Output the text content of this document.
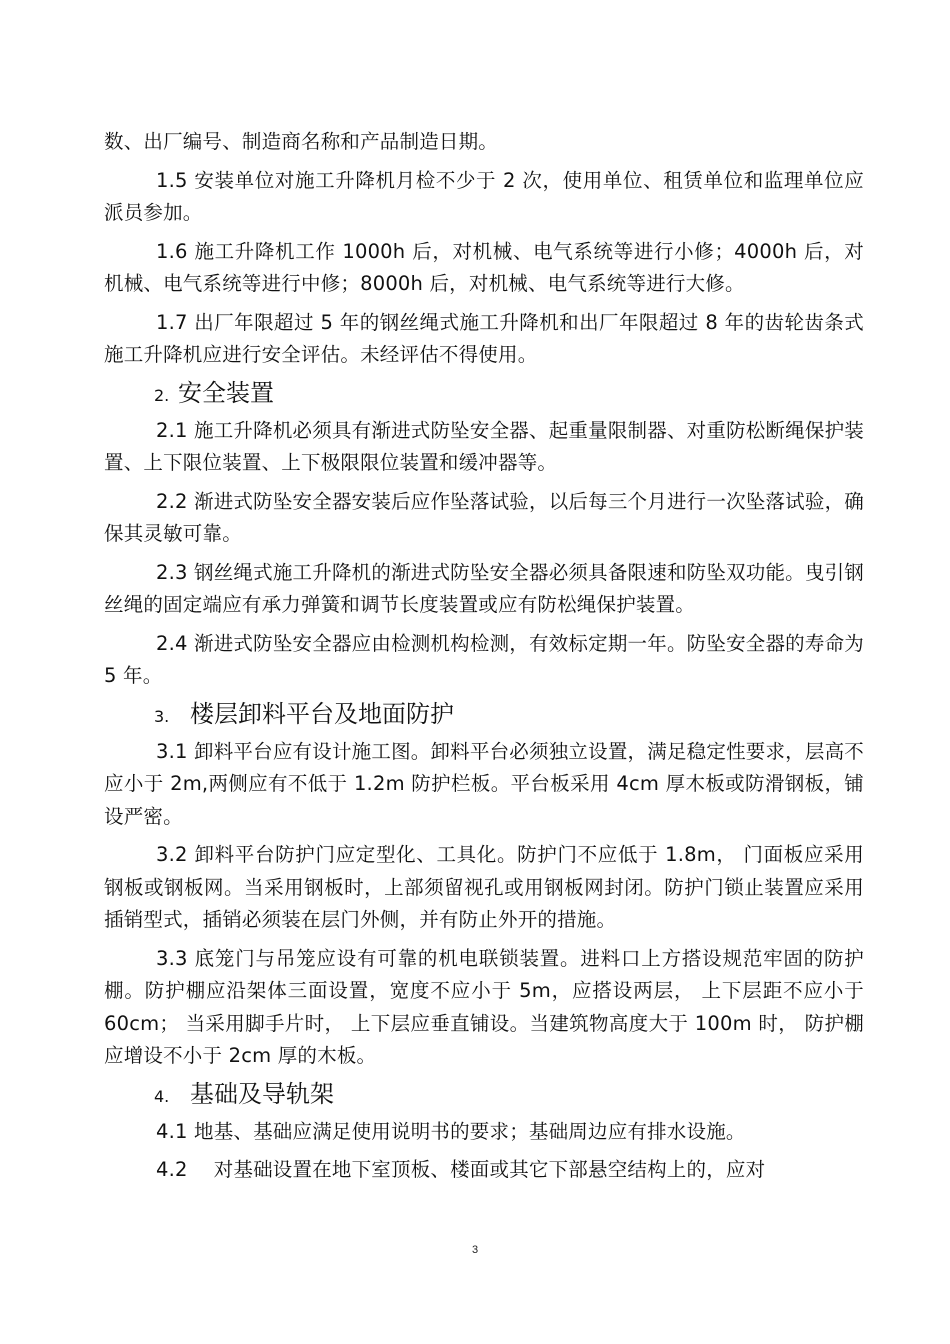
数、出厂编号、制造商名称和产品制造日期。

1.5 安装单位对施工升降机月检不少于 2 次，使用单位、租赁单位和监理单位应派员参加。

1.6 施工升降机工作 1000h 后，对机械、电气系统等进行小修；4000h 后，对机械、电气系统等进行中修；8000h 后，对机械、电气系统等进行大修。

1.7 出厂年限超过 5 年的钢丝绳式施工升降机和出厂年限超过 8 年的齿轮齿条式施工升降机应进行安全评估。未经评估不得使用。

2. 安全装置

2.1 施工升降机必须具有渐进式防坠安全器、起重量限制器、对重防松断绳保护装置、上下限位装置、上下极限限位装置和缓冲器等。

2.2 渐进式防坠安全器安装后应作坠落试验，以后每三个月进行一次坠落试验，确保其灵敏可靠。

2.3 钢丝绳式施工升降机的渐进式防坠安全器必须具备限速和防坠双功能。曳引钢丝绳的固定端应有承力弹簧和调节长度装置或应有防松绳保护装置。

2.4 渐进式防坠安全器应由检测机构检测，有效标定期一年。防坠安全器的寿命为 5 年。

3. 楼层卸料平台及地面防护

3.1 卸料平台应有设计施工图。卸料平台必须独立设置，满足稳定性要求，层高不应小于 2m,两侧应有不低于 1.2m 防护栏板。平台板采用 4cm 厚木板或防滑钢板，铺设严密。

3.2 卸料平台防护门应定型化、工具化。防护门不应低于 1.8m， 门面板应采用钢板或钢板网。当采用钢板时，上部须留视孔或用钢板网封闭。防护门锁止装置应采用插销型式，插销必须装在层门外侧，并有防止外开的措施。

3.3 底笼门与吊笼应设有可靠的机电联锁装置。进料口上方搭设规范牢固的防护棚。防护棚应沿架体三面设置，宽度不应小于 5m，应搭设两层， 上下层距不应小于 60cm； 当采用脚手片时， 上下层应垂直铺设。当建筑物高度大于 100m 时， 防护棚应增设不小于 2cm 厚的木板。

4. 基础及导轨架

4.1 地基、基础应满足使用说明书的要求；基础周边应有排水设施。

4.2 　对基础设置在地下室顶板、楼面或其它下部悬空结构上的，应对

3
